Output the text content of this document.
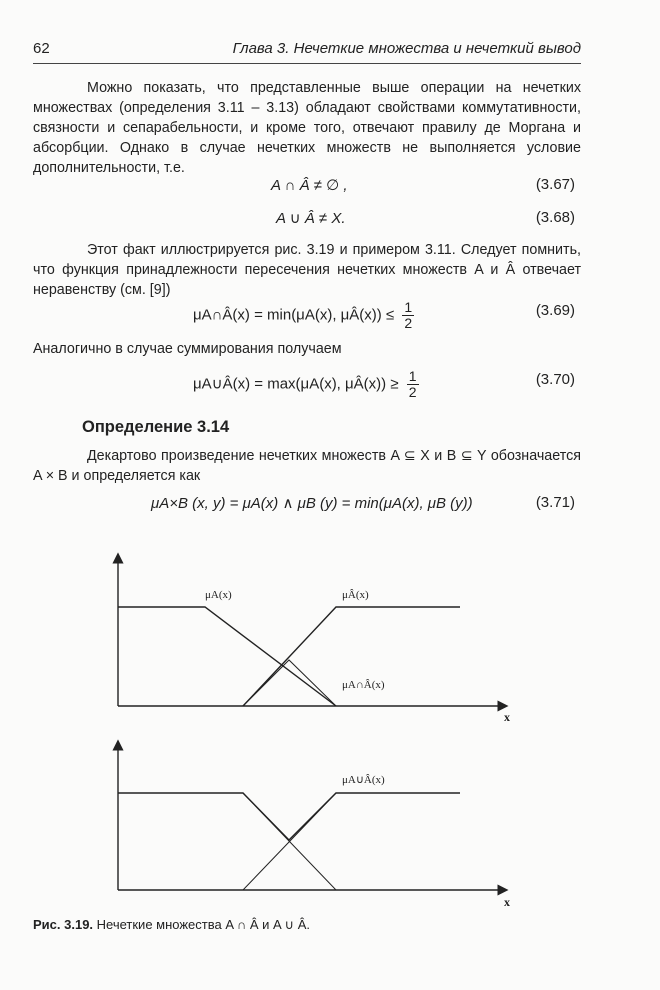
62	Глава 3. Нечеткие множества и нечеткий вывод
Можно показать, что представленные выше операции на нечетких множествах (определения 3.11 – 3.13) обладают свойствами коммутативности, связности и сепарабельности, и кроме того, отвечают правилу де Моргана и абсорбции. Однако в случае нечетких множеств не выполняется условие дополнительности, т.е.
A ∩ Â ≠ ∅ ,	(3.67)
A ∪ Â ≠ X.	(3.68)
Этот факт иллюстрируется рис. 3.19 и примером 3.11. Следует помнить, что функция принадлежности пересечения нечетких множеств A и Â отвечает неравенству (см. [9])
μA∩Â(x) = min(μA(x), μÂ(x)) ≤ $\frac{1}{2}$	(3.69)
Аналогично в случае суммирования получаем
μA∪Â(x) = max(μA(x), μÂ(x)) ≥ $\frac{1}{2}$	(3.70)
Определение 3.14
Декартово произведение нечетких множеств A ⊆ X и B ⊆ Y обозначается A × B и определяется как
μA×B (x, y) = μA(x) ∧ μB (y) = min(μA(x), μB (y))	(3.71)
μA(x)	μÂ(x)
μA∩Â(x)
x
μA∪Â(x)
x
Рис. 3.19. Нечеткие множества A ∩ Â и A ∪ Â.
